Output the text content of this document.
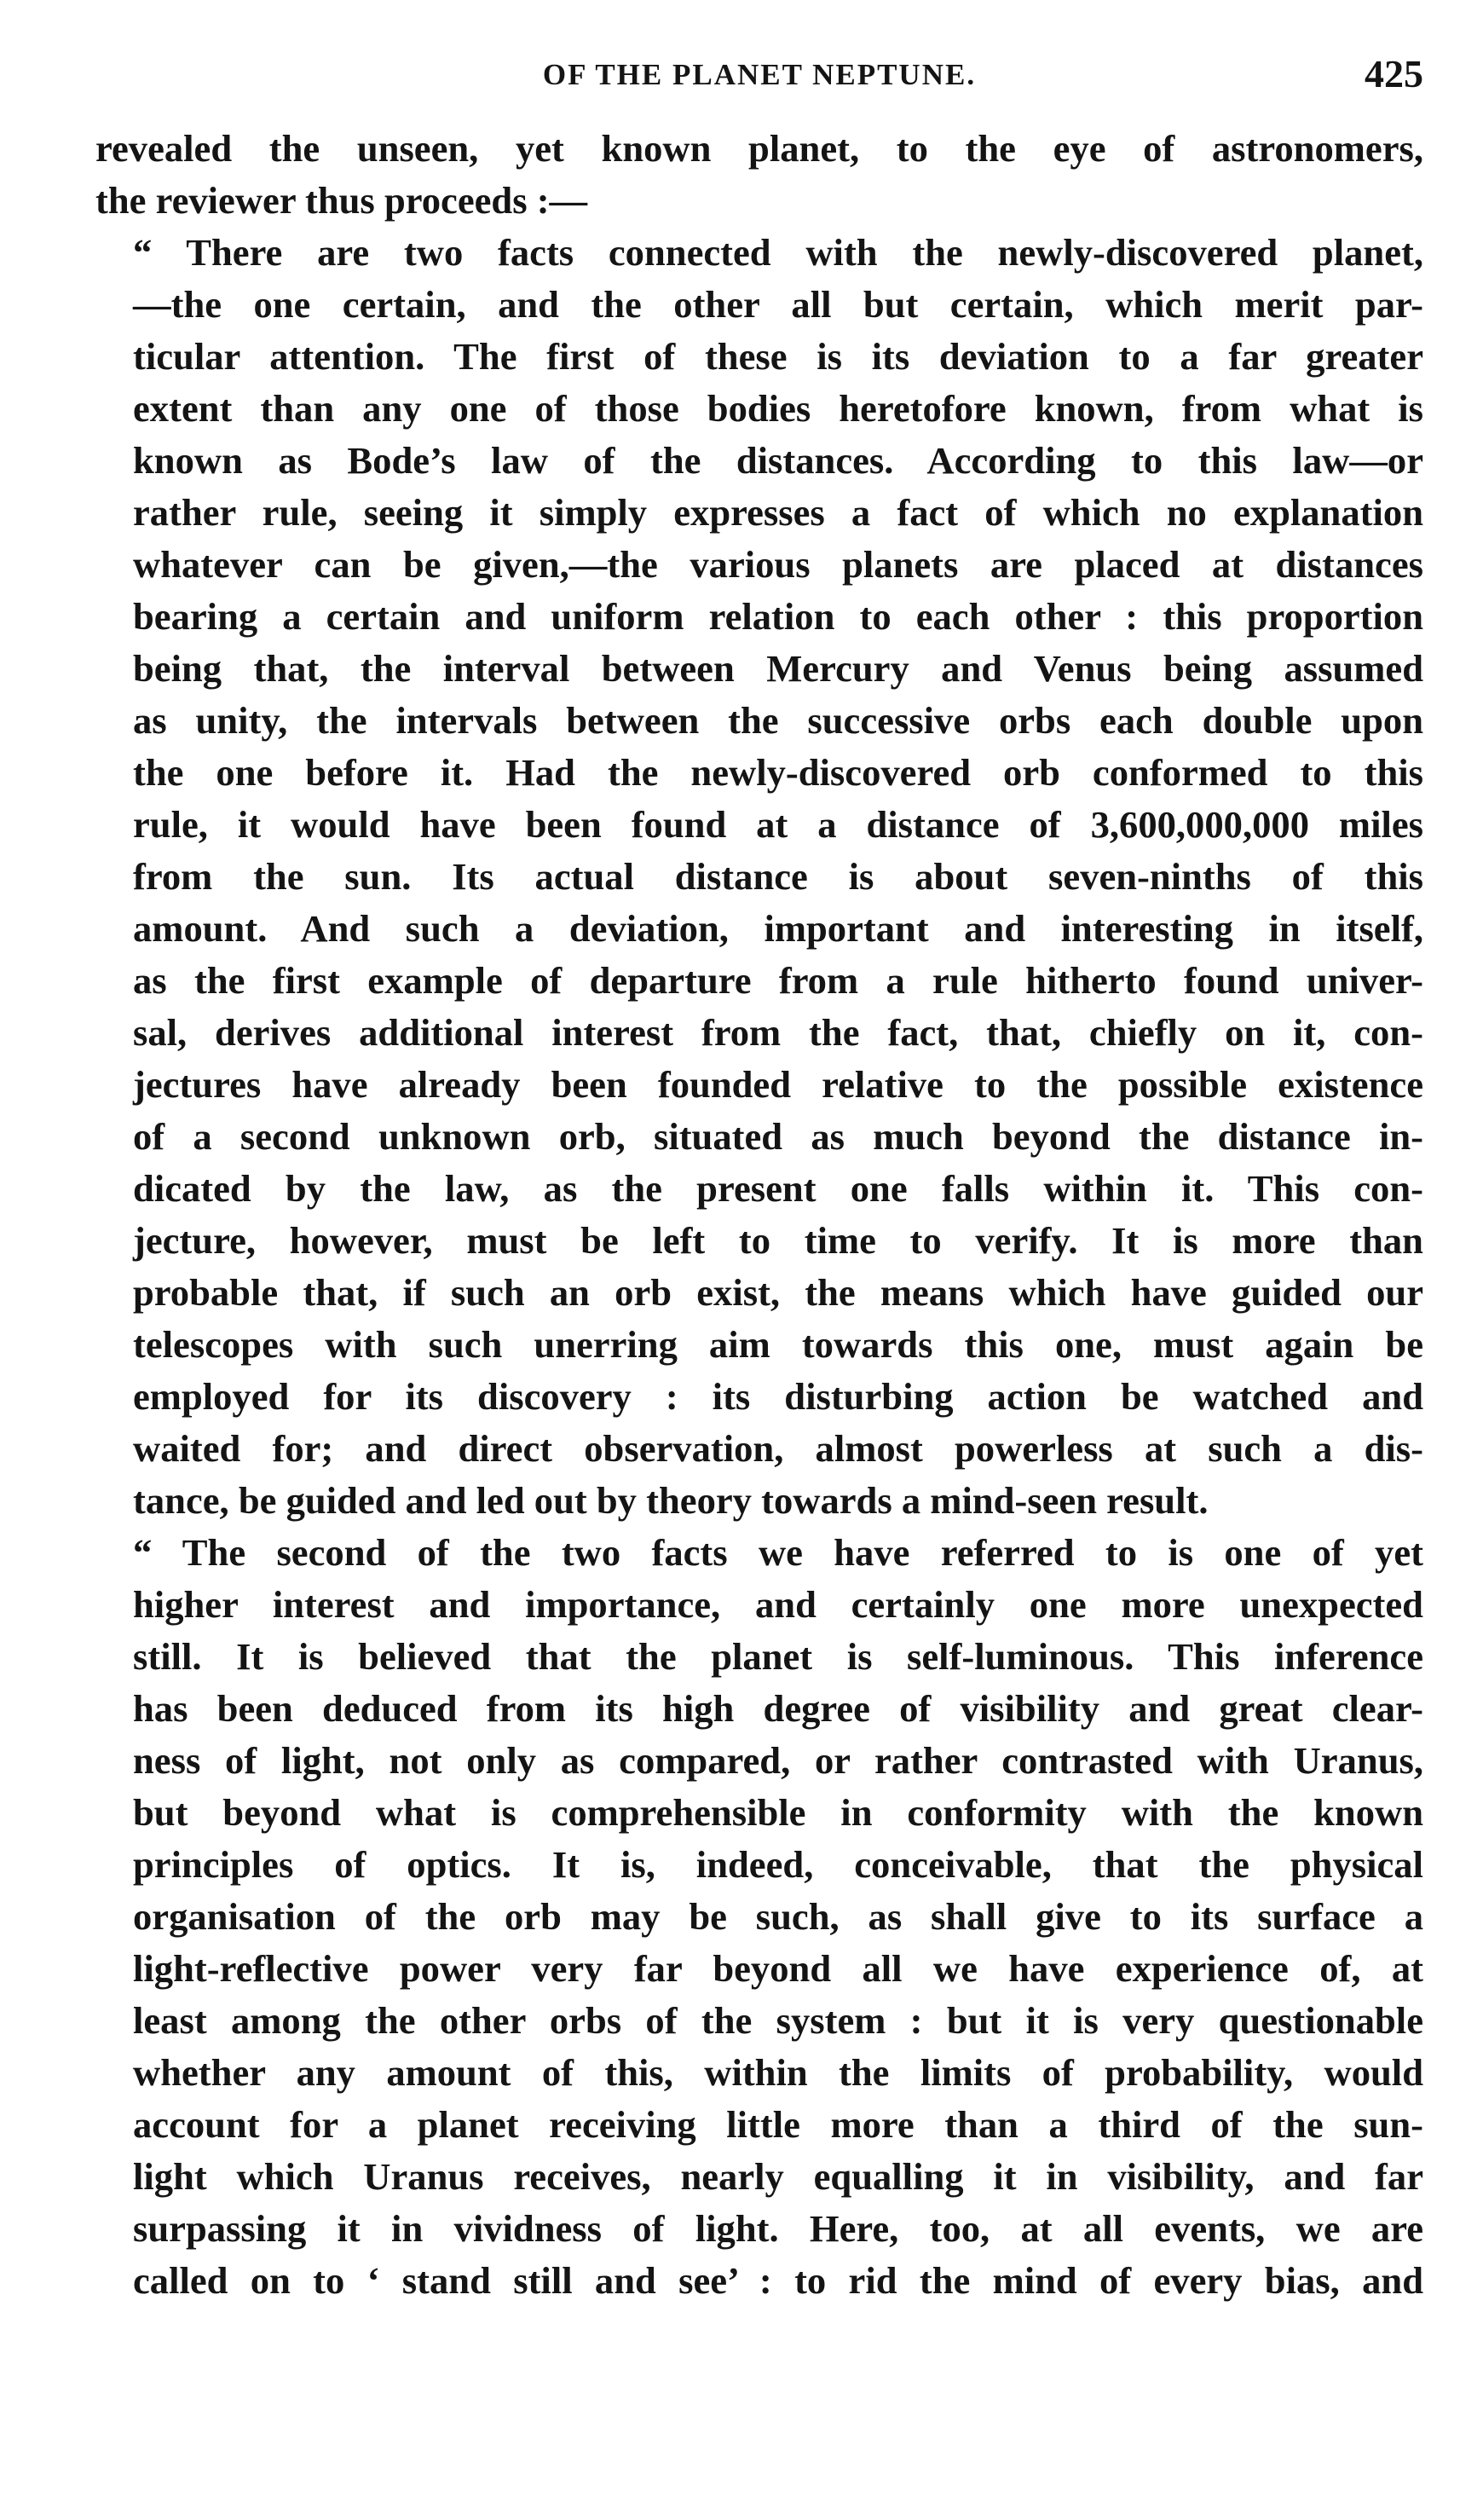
OF THE PLANET NEPTUNE.	425

revealed the unseen, yet known planet, to the eye of astronomers,
the reviewer thus proceeds :—

“ There are two facts connected with the newly-discovered planet,
—the one certain, and the other all but certain, which merit par-
ticular attention. The first of these is its deviation to a far greater
extent than any one of those bodies heretofore known, from what is
known as Bode’s law of the distances. According to this law—or
rather rule, seeing it simply expresses a fact of which no explanation
whatever can be given,—the various planets are placed at distances
bearing a certain and uniform relation to each other : this proportion
being that, the interval between Mercury and Venus being assumed
as unity, the intervals between the successive orbs each double upon
the one before it. Had the newly-discovered orb conformed to this
rule, it would have been found at a distance of 3,600,000,000 miles
from the sun. Its actual distance is about seven-ninths of this
amount. And such a deviation, important and interesting in itself,
as the first example of departure from a rule hitherto found univer-
sal, derives additional interest from the fact, that, chiefly on it, con-
jectures have already been founded relative to the possible existence
of a second unknown orb, situated as much beyond the distance in-
dicated by the law, as the present one falls within it. This con-
jecture, however, must be left to time to verify. It is more than
probable that, if such an orb exist, the means which have guided our
telescopes with such unerring aim towards this one, must again be
employed for its discovery : its disturbing action be watched and
waited for; and direct observation, almost powerless at such a dis-
tance, be guided and led out by theory towards a mind-seen result.

“ The second of the two facts we have referred to is one of yet
higher interest and importance, and certainly one more unexpected
still. It is believed that the planet is self-luminous. This inference
has been deduced from its high degree of visibility and great clear-
ness of light, not only as compared, or rather contrasted with Uranus,
but beyond what is comprehensible in conformity with the known
principles of optics. It is, indeed, conceivable, that the physical
organisation of the orb may be such, as shall give to its surface a
light-reflective power very far beyond all we have experience of, at
least among the other orbs of the system : but it is very questionable
whether any amount of this, within the limits of probability, would
account for a planet receiving little more than a third of the sun-
light which Uranus receives, nearly equalling it in visibility, and far
surpassing it in vividness of light. Here, too, at all events, we are
called on to ‘ stand still and see’ : to rid the mind of every bias, and
